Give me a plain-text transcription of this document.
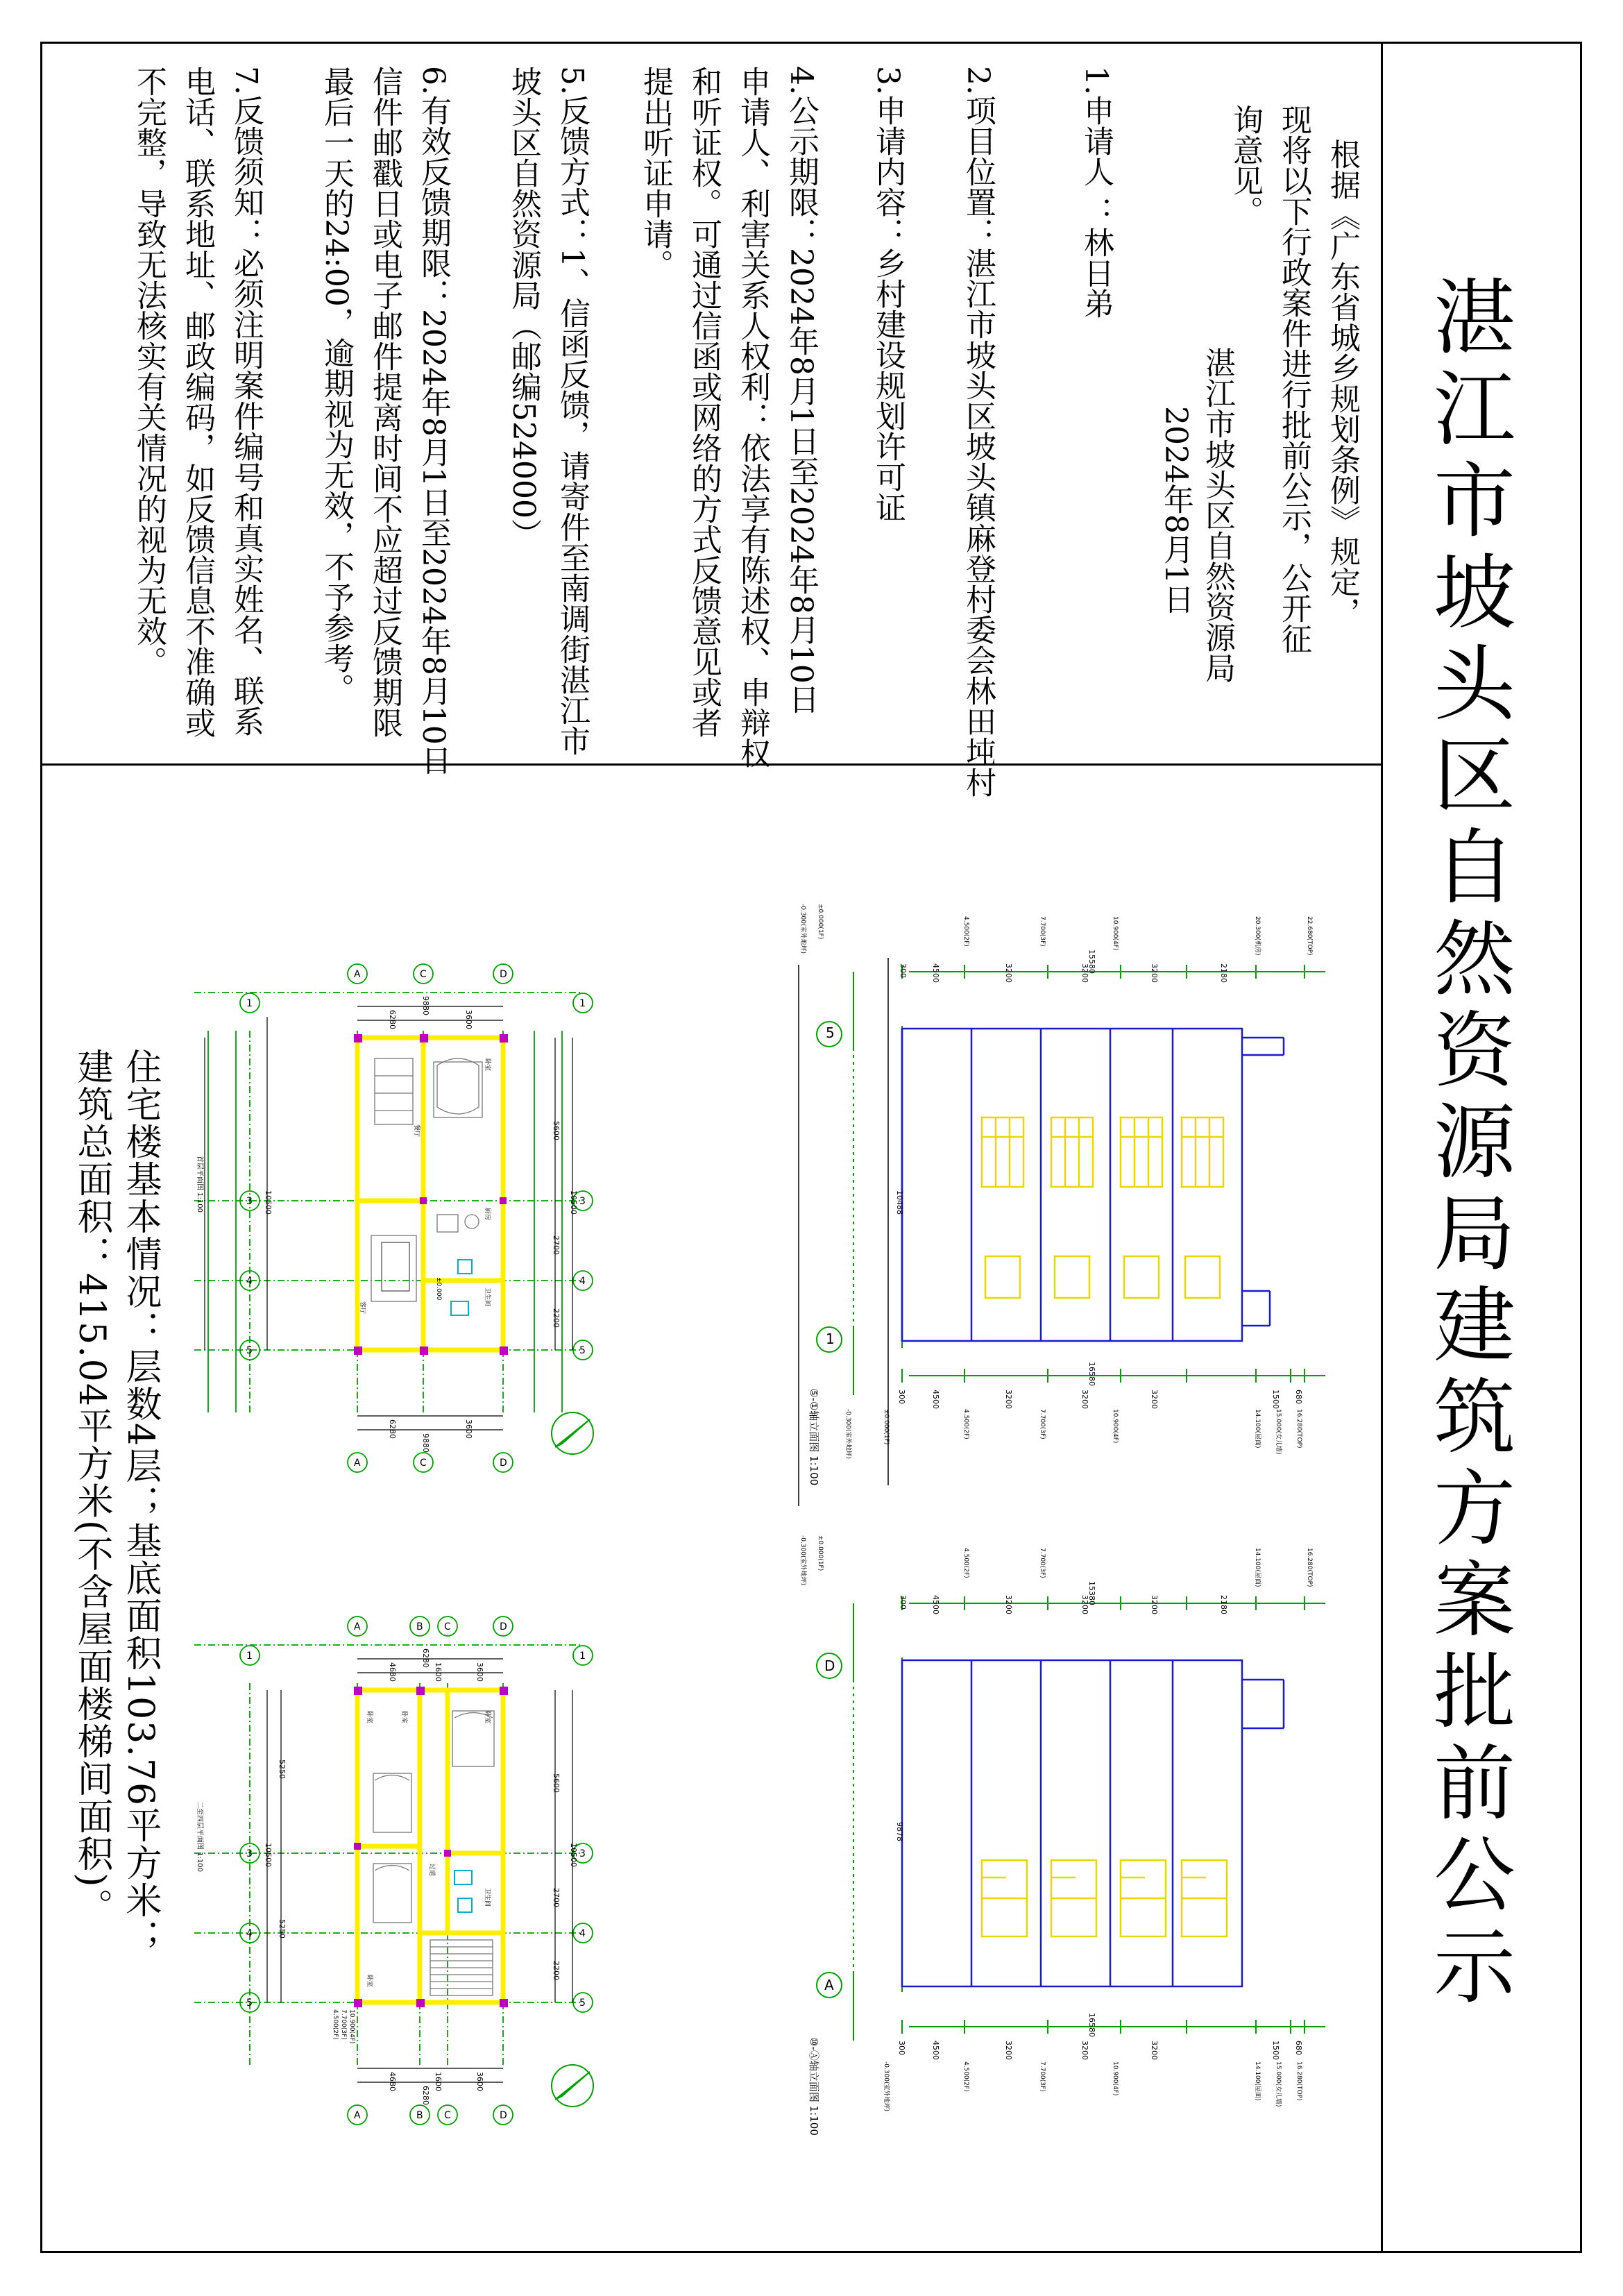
湛江市坡头区自然资源局建筑方案批前公示
根据《广东省城乡规划条例》规定，
现将以下行政案件进行批前公示，公开征
询意见。
湛江市坡头区自然资源局
2024年8月1日
1.申请人 ：林日弟
2.项目位置：湛江市坡头区坡头镇麻登村委会林田坉村
3.申请内容：乡村建设规划许可证
4.公示期限：2024年8月1日至2024年8月10日
申请人、利害关系人权利：依法享有陈述权、申辩权
和听证权。可通过信函或网络的方式反馈意见或者
提出听证申请。
5.反馈方式：1、信函反馈，请寄件至南调街湛江市
坡头区自然资源局（邮编524000）
6.有效反馈期限：2024年8月1日至2024年8月10日
信件邮戳日或电子邮件提离时间不应超过反馈期限
最后一天的24:00，逾期视为无效，不予参考。
7.反馈须知：必须注明案件编号和真实姓名、联系
电话、联系地址、邮政编码，如反馈信息不准确或
不完整，导致无法核实有关情况的视为无效。
住宅楼基本情况：层数4层；基底面积103.76平方米；
建筑总面积：415.04平方米(不含屋面楼梯间面积)。
5
1
10488
300	4500	3200	3200	3200	2180
15580
300	4500	3200	3200	3200	1500 680
16580
-0.300(室外地坪) ±0.000(1F)	4.500(2F)	7.700(3F)	10.900(4F)	20.300(机房)	22.680(TOP)
-0.300(室外地坪)	±0.000(1F)	4.500(2F)	7.700(3F)	10.900(4F)	14.100(屋面) 15.000(女儿墙) 16.280(TOP)
⑤-①轴立面图 1:100
D
A
9878
300	4500	3200	3200	3200	2180
15380
300	4500	3200	3200	3200	1500 680
16580
-0.300(室外地坪) ±0.000(1F)	4.500(2F)	7.700(3F)	14.100(屋面)	16.280(TOP)
-0.300(室外地坪)	4.500(2F)	7.700(3F)	10.900(4F)	14.100(屋面) 15.000(女儿墙) 16.280(TOP)
⑩-Ⓐ轴立面图 1:100
A	C	D
A	C	D
1
3
4
5
1
3
4
5
6280	3600
9880
6280	3600
9880
5600
2700
2200
10500
10500
餐厅
客厅
卧室
厨房
卫生间
±0.000
首层平面图 1:100
A	B C	D
A	B C	D
1
3
4
5
1
3
4
5
4680	1600	3600
6280
4680	1600	3600
6280
5600
2700
2200
10500
5250
5250
10500
卧室
卧室	卧室
卧室
卫生间
过道
10.900(4F)
7.700(3F)
4.500(2F)
二至四层平面图 1:100
